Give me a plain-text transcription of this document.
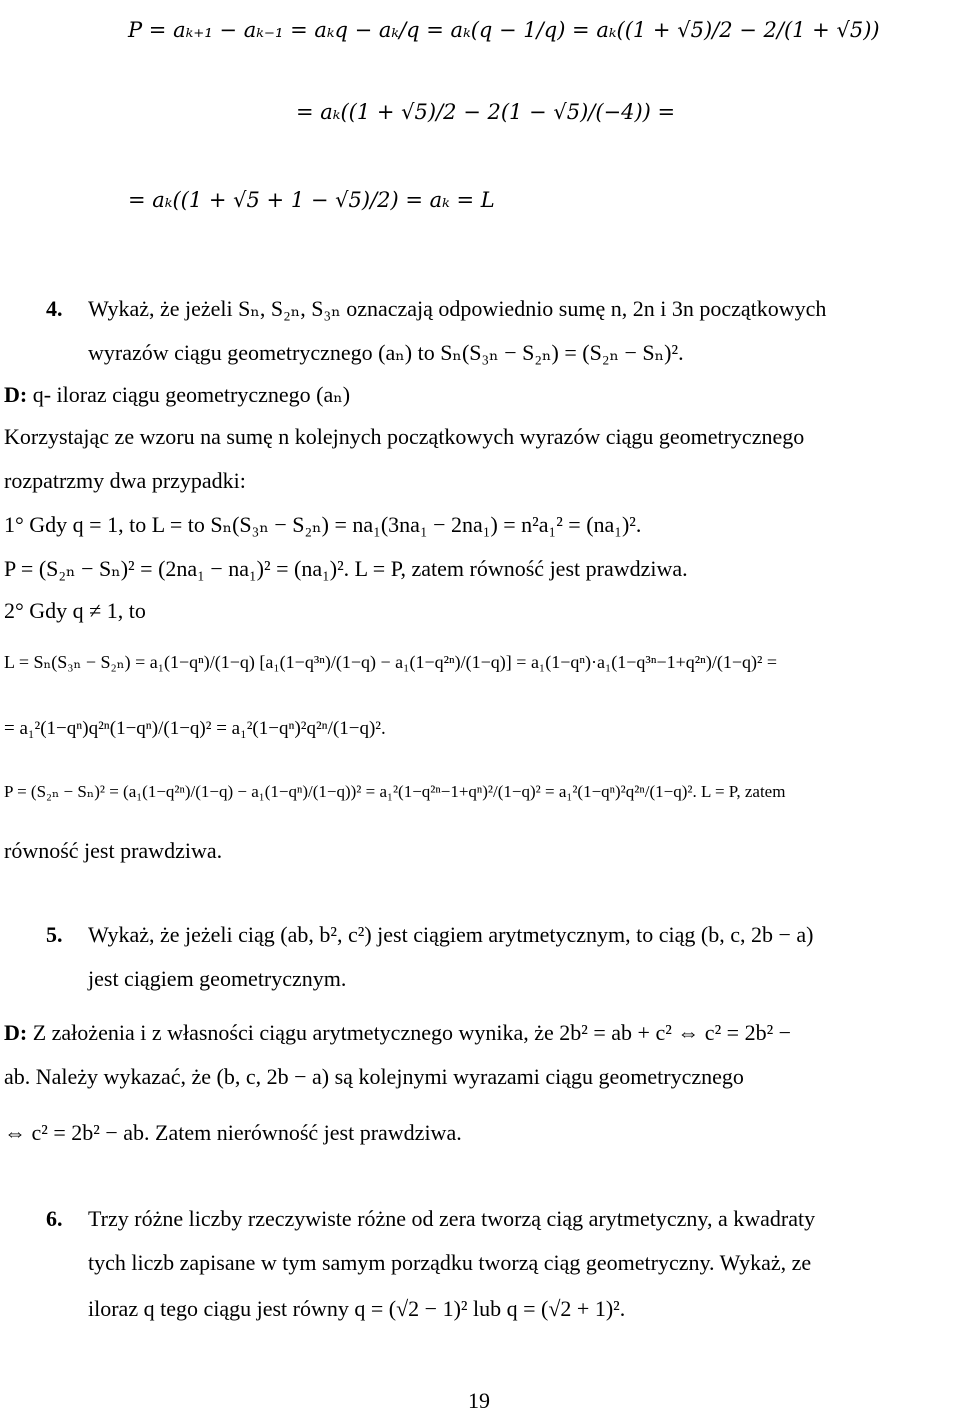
P = aₖ₊₁ − aₖ₋₁ = aₖq − aₖ/q = aₖ(q − 1/q) = aₖ((1 + √5)/2 − 2/(1 + √5))
= aₖ((1 + √5)/2 − 2(1 − √5)/(−4)) =
= aₖ((1 + √5 + 1 − √5)/2) = aₖ = L
4. Wykaż, że jeżeli Sₙ, S₂ₙ, S₃ₙ oznaczają odpowiednio sumę n, 2n i 3n początkowych
wyrazów ciągu geometrycznego (aₙ) to Sₙ(S₃ₙ − S₂ₙ) = (S₂ₙ − Sₙ)².
D: q- iloraz ciągu geometrycznego (aₙ)
Korzystając ze wzoru na sumę n kolejnych początkowych wyrazów ciągu geometrycznego
rozpatrzmy dwa przypadki:
1° Gdy q = 1, to L = to Sₙ(S₃ₙ − S₂ₙ) = na₁(3na₁ − 2na₁) = n²a₁² = (na₁)².
P = (S₂ₙ − Sₙ)² = (2na₁ − na₁)² = (na₁)². L = P, zatem równość jest prawdziwa.
2° Gdy q ≠ 1, to
L = Sₙ(S₃ₙ − S₂ₙ) = a₁(1−qⁿ)/(1−q) [a₁(1−q³ⁿ)/(1−q) − a₁(1−q²ⁿ)/(1−q)] = a₁(1−qⁿ)·a₁(1−q³ⁿ−1+q²ⁿ)/(1−q)² =
= a₁²(1−qⁿ)q²ⁿ(1−qⁿ)/(1−q)² = a₁²(1−qⁿ)²q²ⁿ/(1−q)².
P = (S₂ₙ − Sₙ)² = (a₁(1−q²ⁿ)/(1−q) − a₁(1−qⁿ)/(1−q))² = a₁²(1−q²ⁿ−1+qⁿ)²/(1−q)² = a₁²(1−qⁿ)²q²ⁿ/(1−q)². L = P, zatem
równość jest prawdziwa.
5. Wykaż, że jeżeli ciąg (ab, b², c²) jest ciągiem arytmetycznym, to ciąg (b, c, 2b − a)
jest ciągiem geometrycznym.
D: Z założenia i z własności ciągu arytmetycznego wynika, że 2b² = ab + c² ⇔ c² = 2b² −
ab. Należy wykazać, że (b, c, 2b − a) są kolejnymi wyrazami ciągu geometrycznego
⇔ c² = 2b² − ab. Zatem nierówność jest prawdziwa.
6. Trzy różne liczby rzeczywiste różne od zera tworzą ciąg arytmetyczny, a kwadraty
tych liczb zapisane w tym samym porządku tworzą ciąg geometryczny. Wykaż, ze
iloraz q tego ciągu jest równy q = (√2 − 1)² lub q = (√2 + 1)².
19
